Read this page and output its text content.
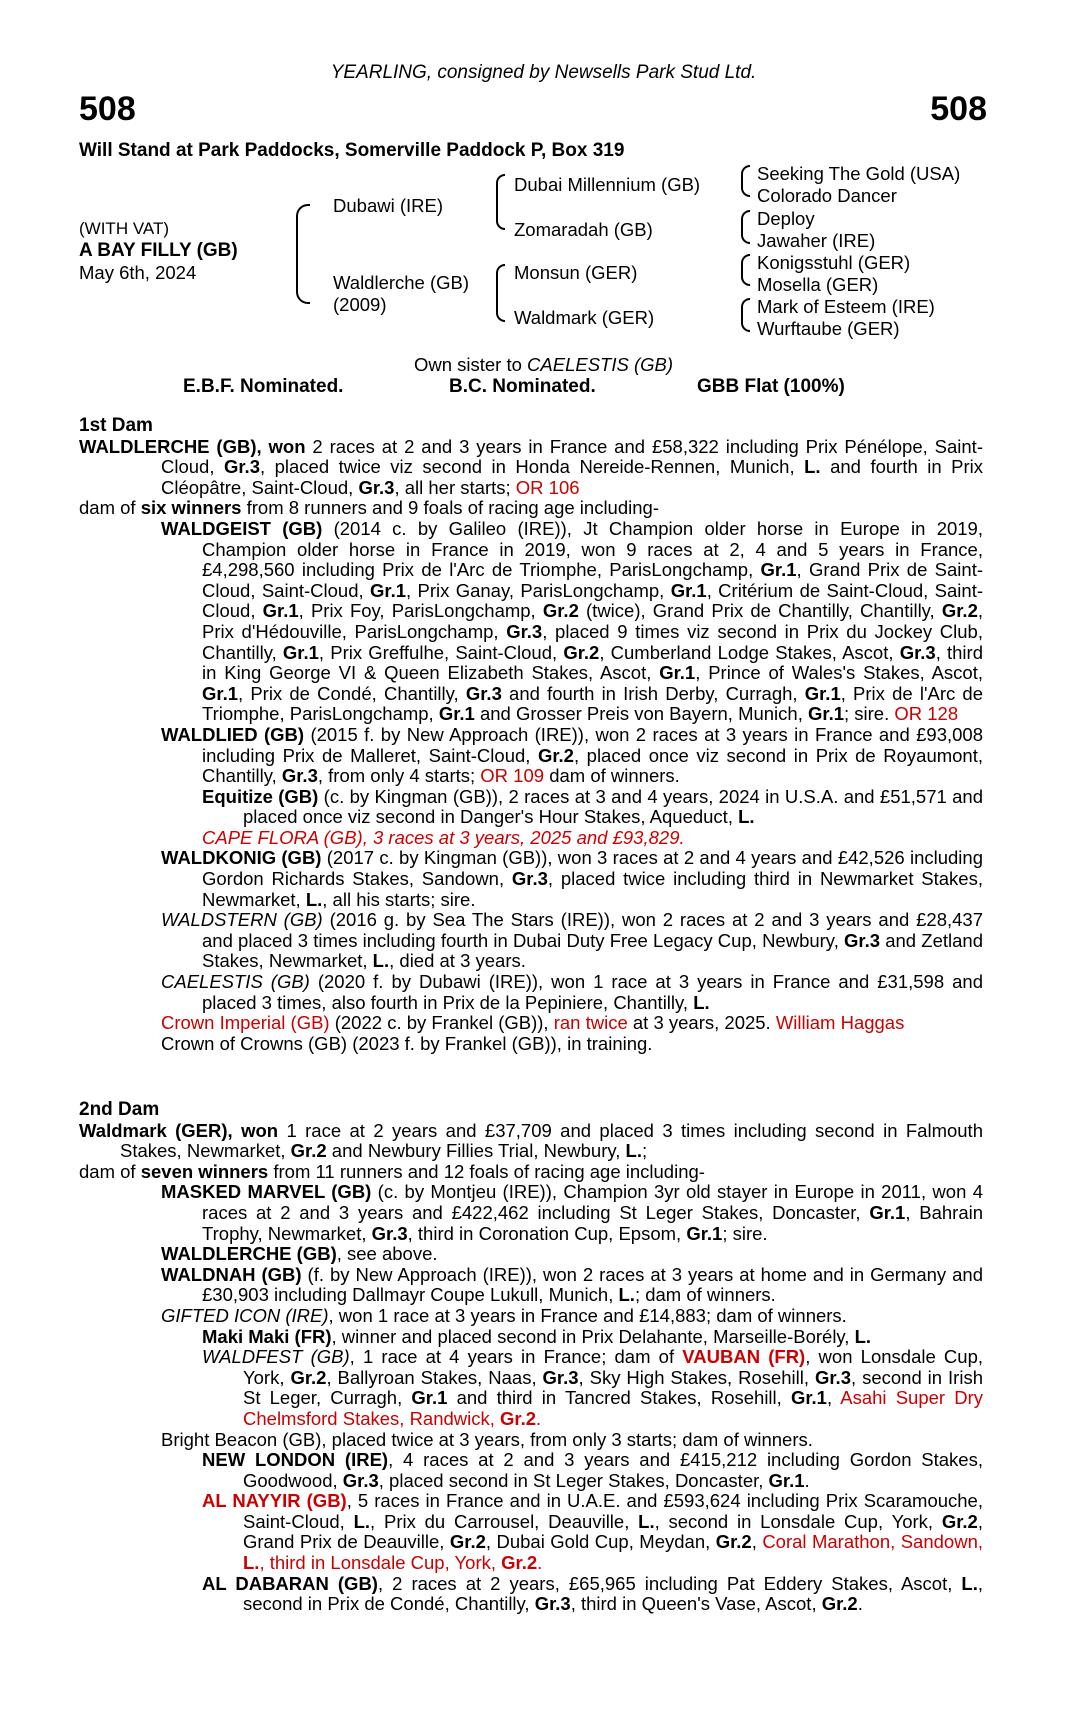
YEARLING, consigned by Newsells Park Stud Ltd.
508	508
Will Stand at Park Paddocks, Somerville Paddock P, Box 319
(WITH VAT)
A BAY FILLY (GB)
May 6th, 2024
Dubawi (IRE)
Waldlerche (GB)
(2009)
Dubai Millennium (GB)
Zomaradah (GB)
Monsun (GER)
Waldmark (GER)
Seeking The Gold (USA)
Colorado Dancer
Deploy
Jawaher (IRE)
Konigsstuhl (GER)
Mosella (GER)
Mark of Esteem (IRE)
Wurftaube (GER)
Own sister to CAELESTIS (GB)
E.B.F. Nominated.	B.C. Nominated.	GBB Flat (100%)

1st Dam

WALDLERCHE (GB), won 2 races at 2 and 3 years in France and £58,322 including Prix Pénélope, Saint-Cloud, Gr.3, placed twice viz second in Honda Nereide-Rennen, Munich, L. and fourth in Prix Cléopâtre, Saint-Cloud, Gr.3, all her starts; OR 106

dam of six winners from 8 runners and 9 foals of racing age including-

WALDGEIST (GB) (2014 c. by Galileo (IRE)), Jt Champion older horse in Europe in 2019, Champion older horse in France in 2019, won 9 races at 2, 4 and 5 years in France, £4,298,560 including Prix de l'Arc de Triomphe, ParisLongchamp, Gr.1, Grand Prix de Saint-Cloud, Saint-Cloud, Gr.1, Prix Ganay, ParisLongchamp, Gr.1, Critérium de Saint-Cloud, Saint-Cloud, Gr.1, Prix Foy, ParisLongchamp, Gr.2 (twice), Grand Prix de Chantilly, Chantilly, Gr.2, Prix d'Hédouville, ParisLongchamp, Gr.3, placed 9 times viz second in Prix du Jockey Club, Chantilly, Gr.1, Prix Greffulhe, Saint-Cloud, Gr.2, Cumberland Lodge Stakes, Ascot, Gr.3, third in King George VI & Queen Elizabeth Stakes, Ascot, Gr.1, Prince of Wales's Stakes, Ascot, Gr.1, Prix de Condé, Chantilly, Gr.3 and fourth in Irish Derby, Curragh, Gr.1, Prix de l'Arc de Triomphe, ParisLongchamp, Gr.1 and Grosser Preis von Bayern, Munich, Gr.1; sire. OR 128

WALDLIED (GB) (2015 f. by New Approach (IRE)), won 2 races at 3 years in France and £93,008 including Prix de Malleret, Saint-Cloud, Gr.2, placed once viz second in Prix de Royaumont, Chantilly, Gr.3, from only 4 starts; OR 109 dam of winners.

Equitize (GB) (c. by Kingman (GB)), 2 races at 3 and 4 years, 2024 in U.S.A. and £51,571 and placed once viz second in Danger's Hour Stakes, Aqueduct, L.

CAPE FLORA (GB), 3 races at 3 years, 2025 and £93,829.

WALDKONIG (GB) (2017 c. by Kingman (GB)), won 3 races at 2 and 4 years and £42,526 including Gordon Richards Stakes, Sandown, Gr.3, placed twice including third in Newmarket Stakes, Newmarket, L., all his starts; sire.

WALDSTERN (GB) (2016 g. by Sea The Stars (IRE)), won 2 races at 2 and 3 years and £28,437 and placed 3 times including fourth in Dubai Duty Free Legacy Cup, Newbury, Gr.3 and Zetland Stakes, Newmarket, L., died at 3 years.

CAELESTIS (GB) (2020 f. by Dubawi (IRE)), won 1 race at 3 years in France and £31,598 and placed 3 times, also fourth in Prix de la Pepiniere, Chantilly, L.

Crown Imperial (GB) (2022 c. by Frankel (GB)), ran twice at 3 years, 2025. William Haggas

Crown of Crowns (GB) (2023 f. by Frankel (GB)), in training.

2nd Dam

Waldmark (GER), won 1 race at 2 years and £37,709 and placed 3 times including second in Falmouth Stakes, Newmarket, Gr.2 and Newbury Fillies Trial, Newbury, L.;

dam of seven winners from 11 runners and 12 foals of racing age including-

MASKED MARVEL (GB) (c. by Montjeu (IRE)), Champion 3yr old stayer in Europe in 2011, won 4 races at 2 and 3 years and £422,462 including St Leger Stakes, Doncaster, Gr.1, Bahrain Trophy, Newmarket, Gr.3, third in Coronation Cup, Epsom, Gr.1; sire.

WALDLERCHE (GB), see above.

WALDNAH (GB) (f. by New Approach (IRE)), won 2 races at 3 years at home and in Germany and £30,903 including Dallmayr Coupe Lukull, Munich, L.; dam of winners.

GIFTED ICON (IRE), won 1 race at 3 years in France and £14,883; dam of winners.

Maki Maki (FR), winner and placed second in Prix Delahante, Marseille-Borély, L.

WALDFEST (GB), 1 race at 4 years in France; dam of VAUBAN (FR), won Lonsdale Cup, York, Gr.2, Ballyroan Stakes, Naas, Gr.3, Sky High Stakes, Rosehill, Gr.3, second in Irish St Leger, Curragh, Gr.1 and third in Tancred Stakes, Rosehill, Gr.1, Asahi Super Dry Chelmsford Stakes, Randwick, Gr.2.

Bright Beacon (GB), placed twice at 3 years, from only 3 starts; dam of winners.

NEW LONDON (IRE), 4 races at 2 and 3 years and £415,212 including Gordon Stakes, Goodwood, Gr.3, placed second in St Leger Stakes, Doncaster, Gr.1.

AL NAYYIR (GB), 5 races in France and in U.A.E. and £593,624 including Prix Scaramouche, Saint-Cloud, L., Prix du Carrousel, Deauville, L., second in Lonsdale Cup, York, Gr.2, Grand Prix de Deauville, Gr.2, Dubai Gold Cup, Meydan, Gr.2, Coral Marathon, Sandown, L., third in Lonsdale Cup, York, Gr.2.

AL DABARAN (GB), 2 races at 2 years, £65,965 including Pat Eddery Stakes, Ascot, L., second in Prix de Condé, Chantilly, Gr.3, third in Queen's Vase, Ascot, Gr.2.
